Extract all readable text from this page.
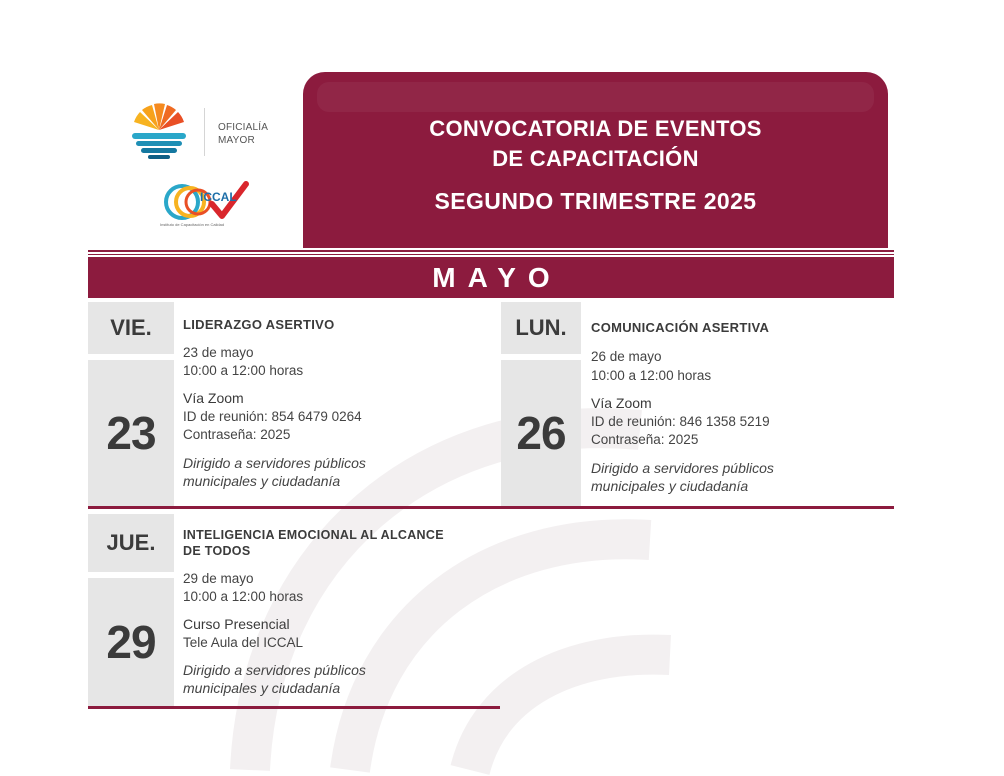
OFICIALÍA
MAYOR
ICCAL
Instituto de Capacitación en Calidad
CONVOCATORIA DE EVENTOS
DE CAPACITACIÓN
SEGUNDO TRIMESTRE 2025
MAYO
VIE.
23
LIDERAZGO ASERTIVO
23 de mayo
10:00 a 12:00 horas
Vía Zoom
ID de reunión: 854 6479 0264
Contraseña: 2025
Dirigido a servidores públicos
municipales y ciudadanía
LUN.
26
COMUNICACIÓN ASERTIVA
26 de mayo
10:00 a 12:00 horas
Vía Zoom
ID de reunión: 846 1358 5219
Contraseña: 2025
Dirigido a servidores públicos
municipales y ciudadanía
JUE.
29
INTELIGENCIA EMOCIONAL AL ALCANCE
DE TODOS
29 de mayo
10:00 a 12:00 horas
Curso Presencial
Tele Aula del ICCAL
Dirigido a servidores públicos
municipales y ciudadanía
